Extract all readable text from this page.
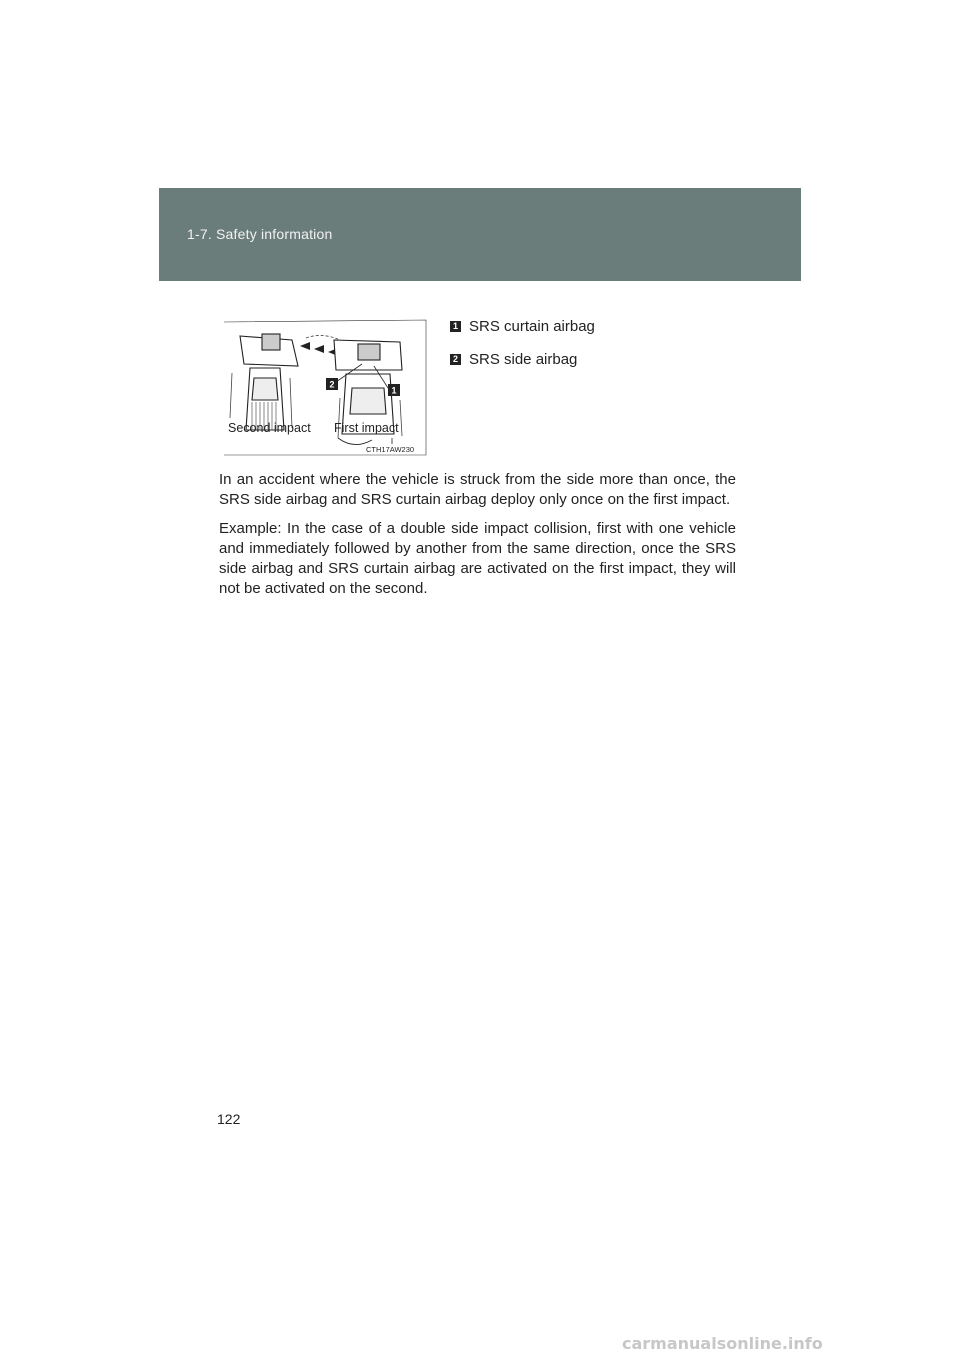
1-7. Safety information
2
1
Second impact First impact
CTH17AW230
1 SRS curtain airbag
2 SRS side airbag

In an accident where the vehicle is struck from the side more than once, the SRS side airbag and SRS curtain airbag deploy only once on the first impact.

Example: In the case of a double side impact collision, first with one vehicle and immediately followed by another from the same direction, once the SRS side airbag and SRS curtain airbag are activated on the first impact, they will not be activated on the second.

122
carmanualsonline.info
